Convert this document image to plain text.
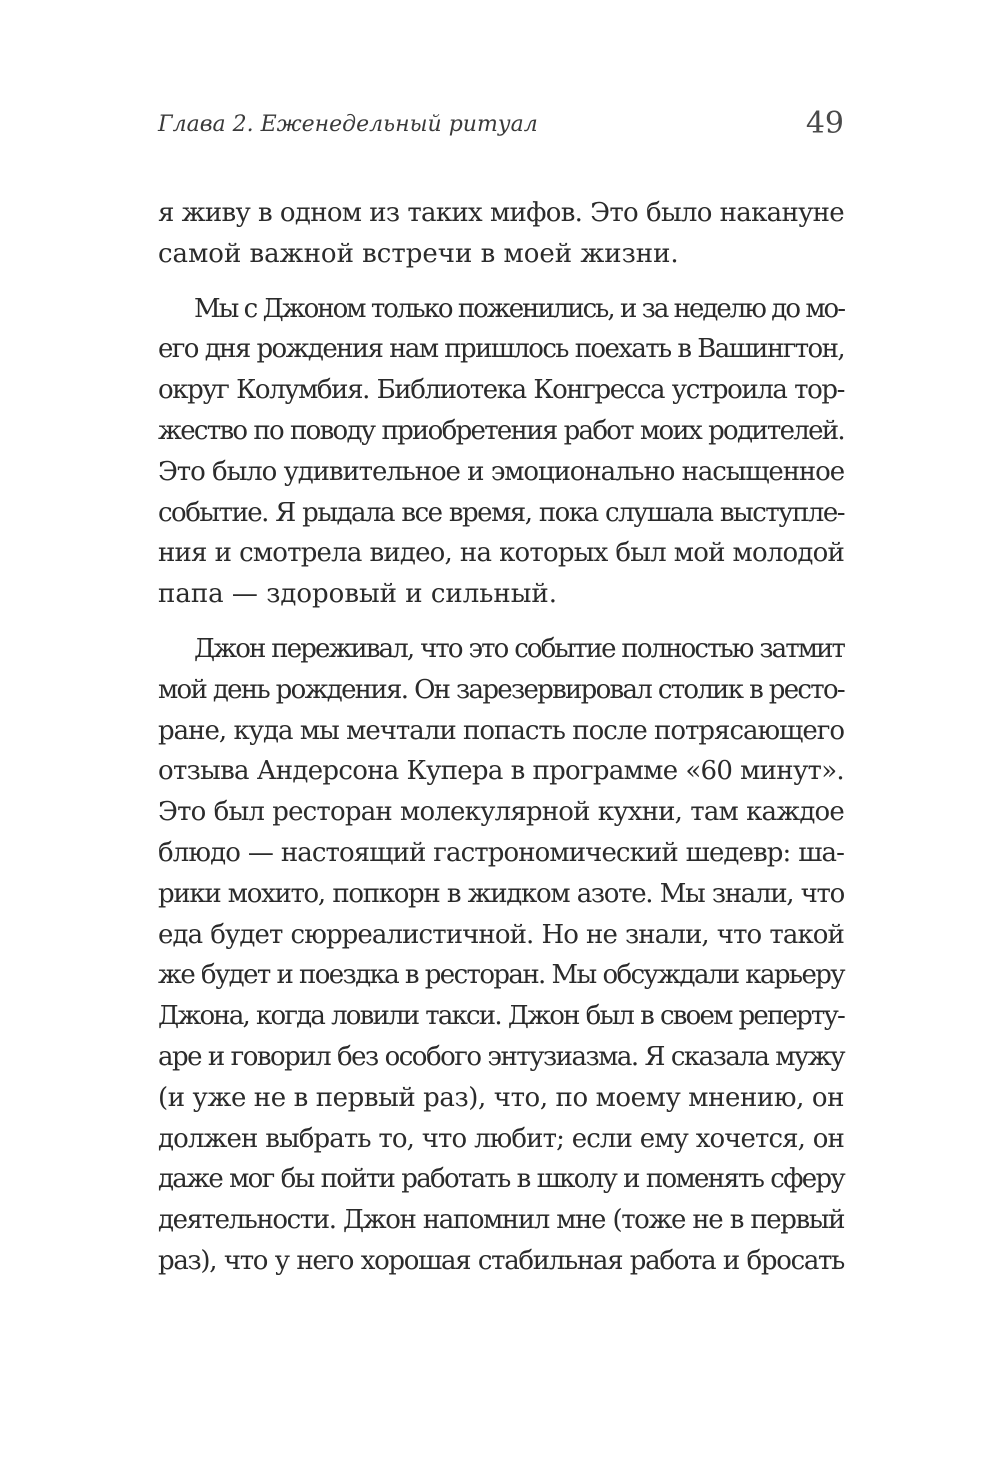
Глава 2. Еженедельный ритуал	49
я живу в одном из таких мифов. Это было накануне
самой важной встречи в моей жизни.
Мы с Джоном только поженились, и за неделю до мо-
его дня рождения нам пришлось поехать в Вашингтон,
округ Колумбия. Библиотека Конгресса устроила тор-
жество по поводу приобретения работ моих родителей.
Это было удивительное и эмоционально насыщенное
событие. Я рыдала все время, пока слушала выступле-
ния и смотрела видео, на которых был мой молодой
папа — здоровый и сильный.
Джон переживал, что это событие полностью затмит
мой день рождения. Он зарезервировал столик в ресто-
ране, куда мы мечтали попасть после потрясающего
отзыва Андерсона Купера в программе «60 минут».
Это был ресторан молекулярной кухни, там каждое
блюдо — настоящий гастрономический шедевр: ша-
рики мохито, попкорн в жидком азоте. Мы знали, что
еда будет сюрреалистичной. Но не знали, что такой
же будет и поездка в ресторан. Мы обсуждали карьеру
Джона, когда ловили такси. Джон был в своем реперту-
аре и говорил без особого энтузиазма. Я сказала мужу
(и уже не в первый раз), что, по моему мнению, он
должен выбрать то, что любит; если ему хочется, он
даже мог бы пойти работать в школу и поменять сферу
деятельности. Джон напомнил мне (тоже не в первый
раз), что у него хорошая стабильная работа и бросать
